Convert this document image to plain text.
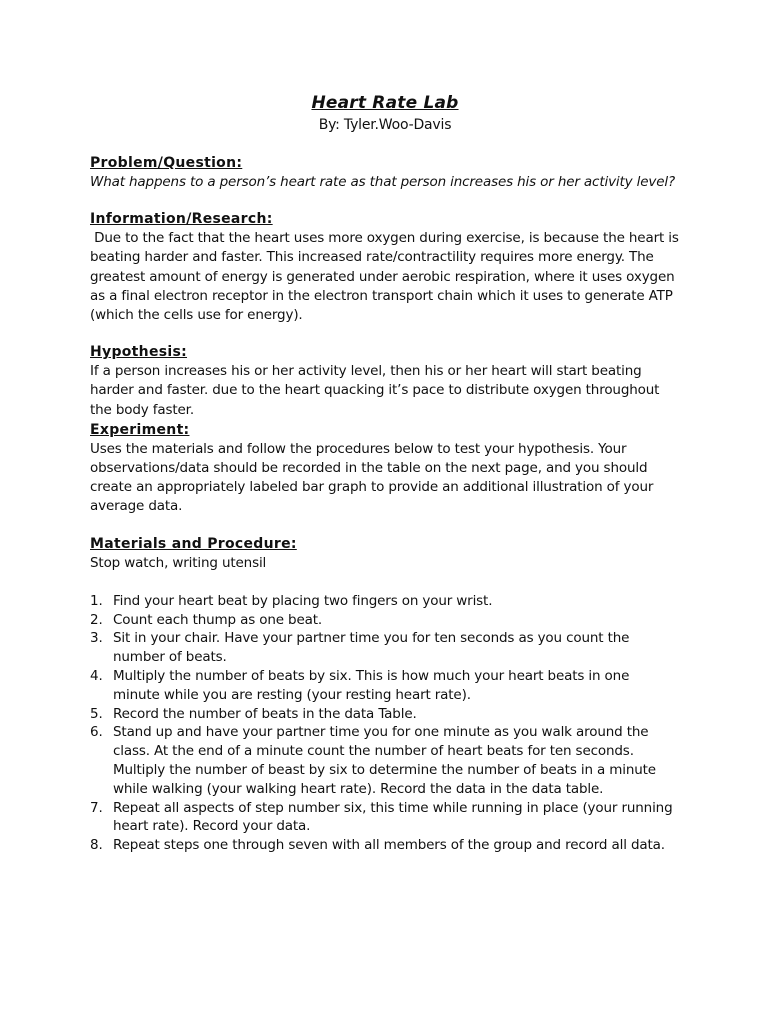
Heart Rate Lab

By: Tyler.Woo-Davis

Problem/Question:

What happens to a person’s heart rate as that person increases his or her activity level?

Information/Research:

Due to the fact that the heart uses more oxygen during exercise, is because the heart is beating harder and faster. This increased rate/contractility requires more energy. The greatest amount of energy is generated under aerobic respiration, where it uses oxygen as a final electron receptor in the electron transport chain which it uses to generate ATP (which the cells use for energy).

Hypothesis:

If a person increases his or her activity level, then his or her heart will start beating harder and faster. due to the heart quacking it’s pace to distribute oxygen throughout the body faster.

Experiment:

Uses the materials and follow the procedures below to test your hypothesis. Your observations/data should be recorded in the table on the next page, and you should create an appropriately labeled bar graph to provide an additional illustration of your average data.

Materials and Procedure:

Stop watch, writing utensil

1. Find your heart beat by placing two fingers on your wrist.
2. Count each thump as one beat.
3. Sit in your chair. Have your partner time you for ten seconds as you count the number of beats.
4. Multiply the number of beats by six. This is how much your heart beats in one minute while you are resting (your resting heart rate).
5. Record the number of beats in the data Table.
6. Stand up and have your partner time you for one minute as you walk around the class. At the end of a minute count the number of heart beats for ten seconds. Multiply the number of beast by six to determine the number of beats in a minute while walking (your walking heart rate). Record the data in the data table.
7. Repeat all aspects of step number six, this time while running in place (your running heart rate). Record your data.
8. Repeat steps one through seven with all members of the group and record all data.
